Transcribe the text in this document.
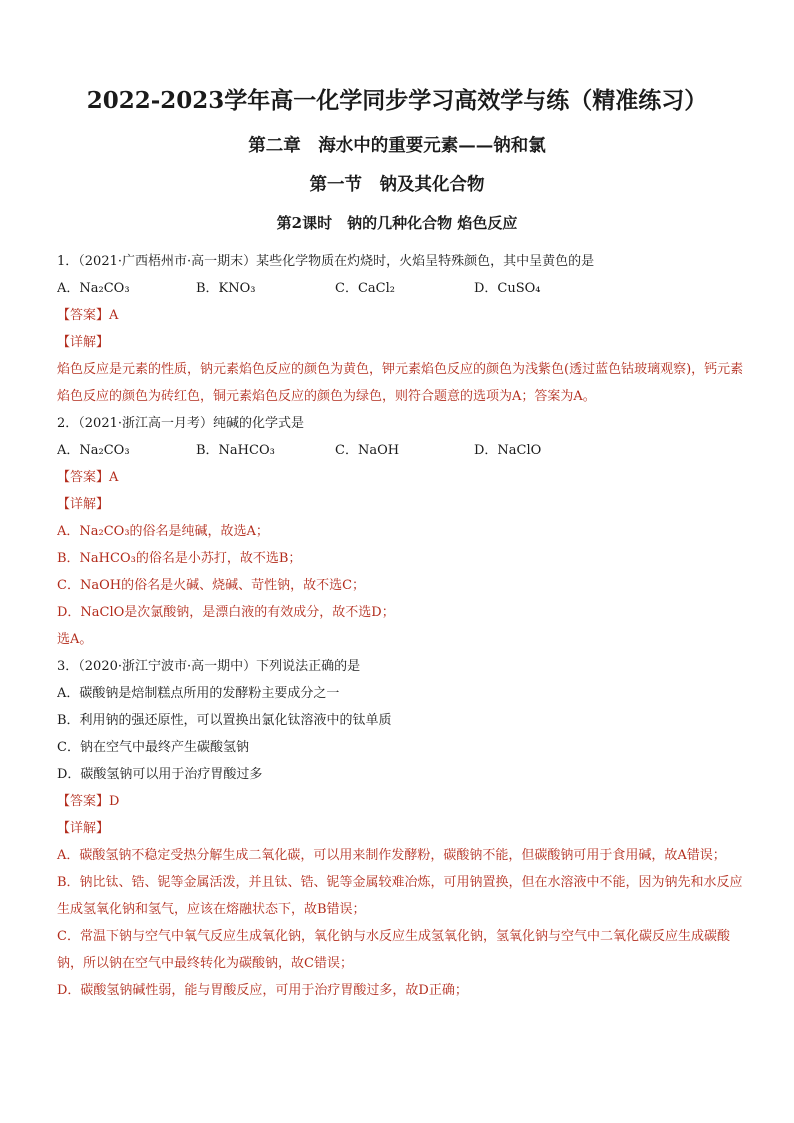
2022-2023学年高一化学同步学习高效学与练（精准练习）
第二章　海水中的重要元素——钠和氯
第一节　钠及其化合物
第2课时　钠的几种化合物 焰色反应
1．（2021·广西梧州市·高一期末）某些化学物质在灼烧时，火焰呈特殊颜色，其中呈黄色的是
A．Na₂CO₃	B．KNO₃	C．CaCl₂	D．CuSO₄
【答案】A
【详解】
焰色反应是元素的性质，钠元素焰色反应的颜色为黄色，钾元素焰色反应的颜色为浅紫色(透过蓝色钴玻璃观察)，钙元素焰色反应的颜色为砖红色，铜元素焰色反应的颜色为绿色，则符合题意的选项为A；答案为A。
2．（2021·浙江高一月考）纯碱的化学式是
A．Na₂CO₃	B．NaHCO₃	C．NaOH	D．NaClO
【答案】A
【详解】
A．Na₂CO₃的俗名是纯碱，故选A；
B．NaHCO₃的俗名是小苏打，故不选B；
C．NaOH的俗名是火碱、烧碱、苛性钠，故不选C；
D．NaClO是次氯酸钠，是漂白液的有效成分，故不选D；
选A。
3．（2020·浙江宁波市·高一期中）下列说法正确的是
A．碳酸钠是焙制糕点所用的发酵粉主要成分之一
B．利用钠的强还原性，可以置换出氯化钛溶液中的钛单质
C．钠在空气中最终产生碳酸氢钠
D．碳酸氢钠可以用于治疗胃酸过多
【答案】D
【详解】
A．碳酸氢钠不稳定受热分解生成二氧化碳，可以用来制作发酵粉，碳酸钠不能，但碳酸钠可用于食用碱，故A错误；
B．钠比钛、锆、铌等金属活泼，并且钛、锆、铌等金属较难冶炼，可用钠置换，但在水溶液中不能，因为钠先和水反应生成氢氧化钠和氢气，应该在熔融状态下，故B错误；
C．常温下钠与空气中氧气反应生成氧化钠，氧化钠与水反应生成氢氧化钠，氢氧化钠与空气中二氧化碳反应生成碳酸钠，所以钠在空气中最终转化为碳酸钠，故C错误；
D．碳酸氢钠碱性弱，能与胃酸反应，可用于治疗胃酸过多，故D正确；
